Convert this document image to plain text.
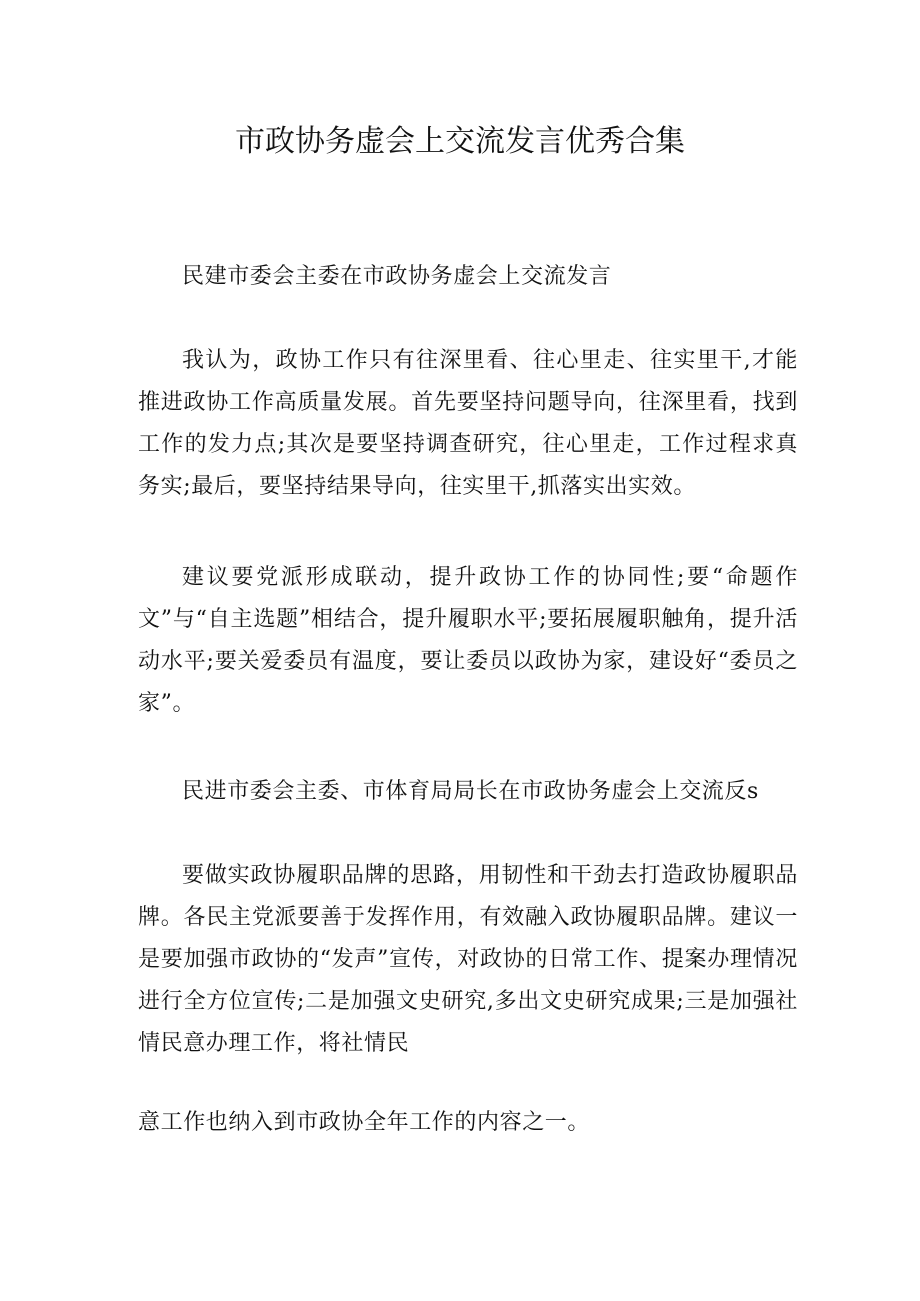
市政协务虚会上交流发言优秀合集

民建市委会主委在市政协务虚会上交流发言

我认为，政协工作只有往深里看、往心里走、往实里干,才能推进政协工作高质量发展。首先要坚持问题导向，往深里看，找到工作的发力点;其次是要坚持调查研究，往心里走，工作过程求真务实;最后，要坚持结果导向，往实里干,抓落实出实效。

建议要党派形成联动，提升政协工作的协同性;要“命题作文”与“自主选题”相结合，提升履职水平;要拓展履职触角，提升活动水平;要关爱委员有温度，要让委员以政协为家，建设好“委员之家”。

民进市委会主委、市体育局局长在市政协务虚会上交流反s

要做实政协履职品牌的思路，用韧性和干劲去打造政协履职品牌。各民主党派要善于发挥作用，有效融入政协履职品牌。建议一是要加强市政协的“发声”宣传，对政协的日常工作、提案办理情况进行全方位宣传;二是加强文史研究,多出文史研究成果;三是加强社情民意办理工作，将社情民

意工作也纳入到市政协全年工作的内容之一。
